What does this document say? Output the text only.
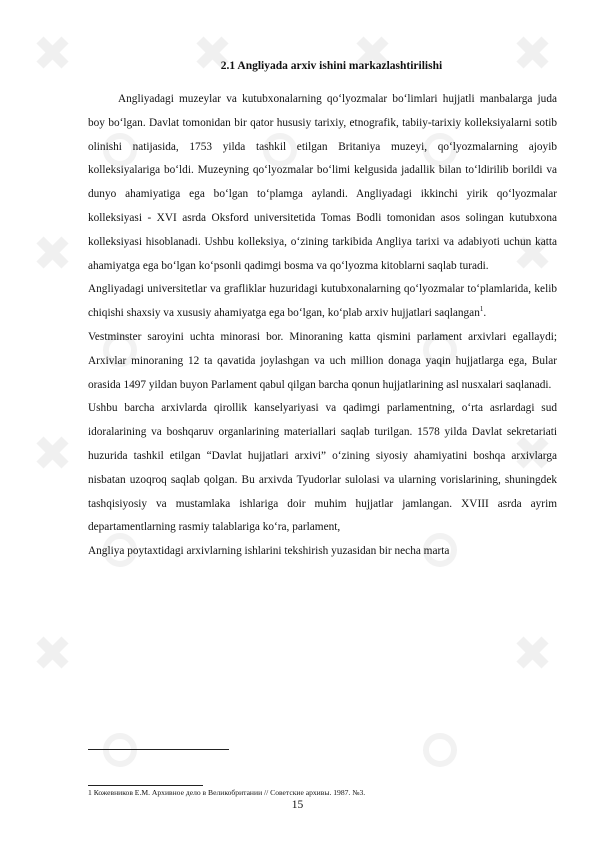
2.1 Angliyada arxiv ishini markazlashtirilishi

Angliyadagi muzeylar va kutubxonalarning qo‘lyozmalar bo‘limlari hujjatli manbalarga juda boy bo‘lgan. Davlat tomonidan bir qator hususiy tarixiy, etnografik, tabiiy-tarixiy kolleksiyalarni sotib olinishi natijasida, 1753 yilda tashkil etilgan Britaniya muzeyi, qo‘lyozmalarning ajoyib kolleksiyalariga bo‘ldi. Muzeyning qo‘lyozmalar bo‘limi kelgusida jadallik bilan to‘ldirilib borildi va dunyo ahamiyatiga ega bo‘lgan to‘plamga aylandi. Angliyadagi ikkinchi yirik qo‘lyozmalar kolleksiyasi - XVI asrda Oksford universitetida Tomas Bodli tomonidan asos solingan kutubxona kolleksiyasi hisoblanadi. Ushbu kolleksiya, o‘zining tarkibida Angliya tarixi va adabiyoti uchun katta ahamiyatga ega bo‘lgan ko‘psonli qadimgi bosma va qo‘lyozma kitoblarni saqlab turadi.

Angliyadagi universitetlar va grafliklar huzuridagi kutubxonalarning qo‘lyozmalar to‘plamlarida, kelib chiqishi shaxsiy va xususiy ahamiyatga ega bo‘lgan, ko‘plab arxiv hujjatlari saqlangan$^1$.

Vestminster saroyini uchta minorasi bor. Minoraning katta qismini parlament arxivlari egallaydi; Arxivlar minoraning 12 ta qavatida joylashgan va uch million donaga yaqin hujjatlarga ega, Bular orasida 1497 yildan buyon Parlament qabul qilgan barcha qonun hujjatlarining asl nusxalari saqlanadi.

Ushbu barcha arxivlarda qirollik kanselyariyasi va qadimgi parlamentning, o‘rta asrlardagi sud idoralarining va boshqaruv organlarining materiallari saqlab turilgan. 1578 yilda Davlat sekretariati huzurida tashkil etilgan “Davlat hujjatlari arxivi” o‘zining siyosiy ahamiyatini boshqa arxivlarga nisbatan uzoqroq saqlab qolgan. Bu arxivda Tyudorlar sulolasi va ularning vorislarining, shuningdek tashqisiyosiy va mustamlaka ishlariga doir muhim hujjatlar jamlangan. XVIII asrda ayrim departamentlarning rasmiy talablariga ko‘ra, parlament,

Angliya poytaxtidagi arxivlarning ishlarini tekshirish yuzasidan bir necha marta

1 Кожевников Е.М. Архивное дело в Великобритании // Советские архивы. 1987. №3.
15
